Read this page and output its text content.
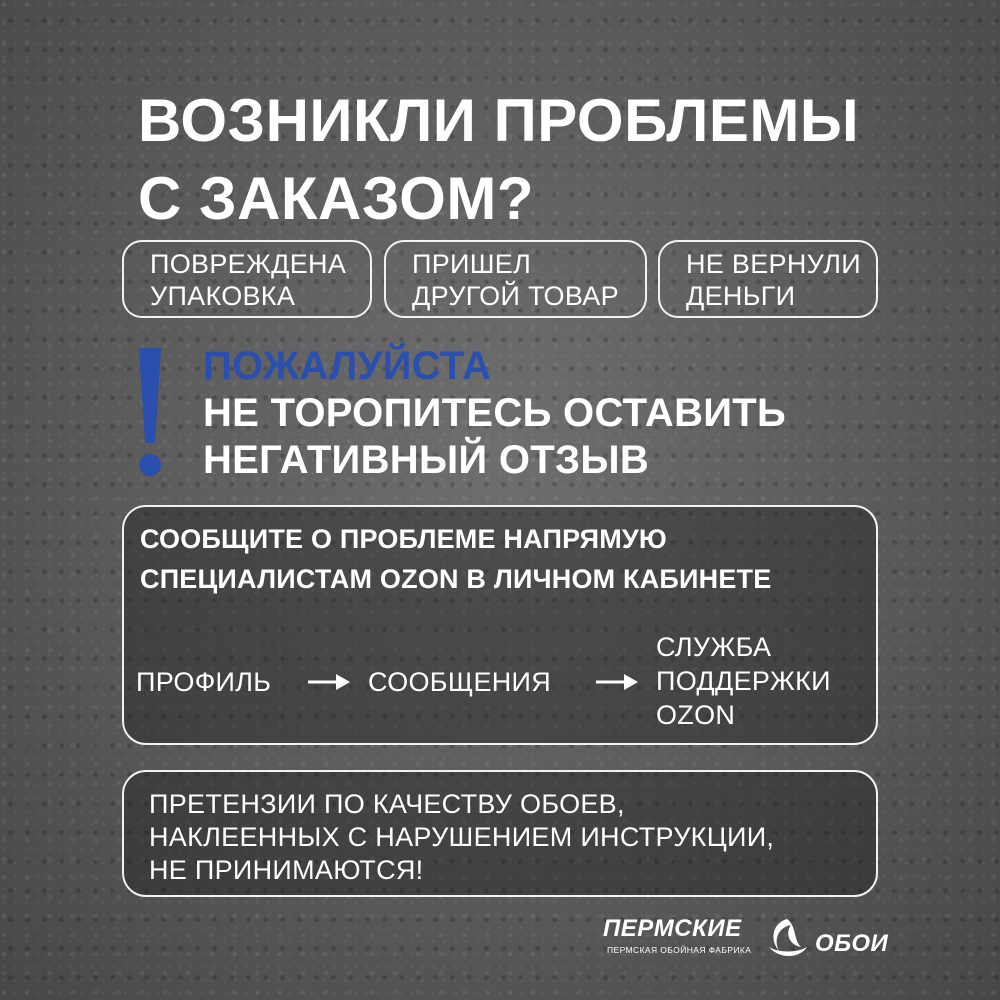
ВОЗНИКЛИ ПРОБЛЕМЫ
С ЗАКАЗОМ?
ПОВРЕЖДЕНА
УПАКОВКА
ПРИШЕЛ
ДРУГОЙ ТОВАР
НЕ ВЕРНУЛИ
ДЕНЬГИ
ПОЖАЛУЙСТА
НЕ ТОРОПИТЕСЬ ОСТАВИТЬ
НЕГАТИВНЫЙ ОТЗЫВ
СООБЩИТЕ О ПРОБЛЕМЕ НАПРЯМУЮ
СПЕЦИАЛИСТАМ OZON В ЛИЧНОМ КАБИНЕТЕ
ПРОФИЛЬ	СООБЩЕНИЯ
СЛУЖБА
ПОДДЕРЖКИ
OZON
ПРЕТЕНЗИИ ПО КАЧЕСТВУ ОБОЕВ,
НАКЛЕЕННЫХ С НАРУШЕНИЕМ ИНСТРУКЦИИ,
НЕ ПРИНИМАЮТСЯ!
ПЕРМСКИЕ
ПЕРМСКАЯ ОБОЙНАЯ ФАБРИКА	ОБОИ
